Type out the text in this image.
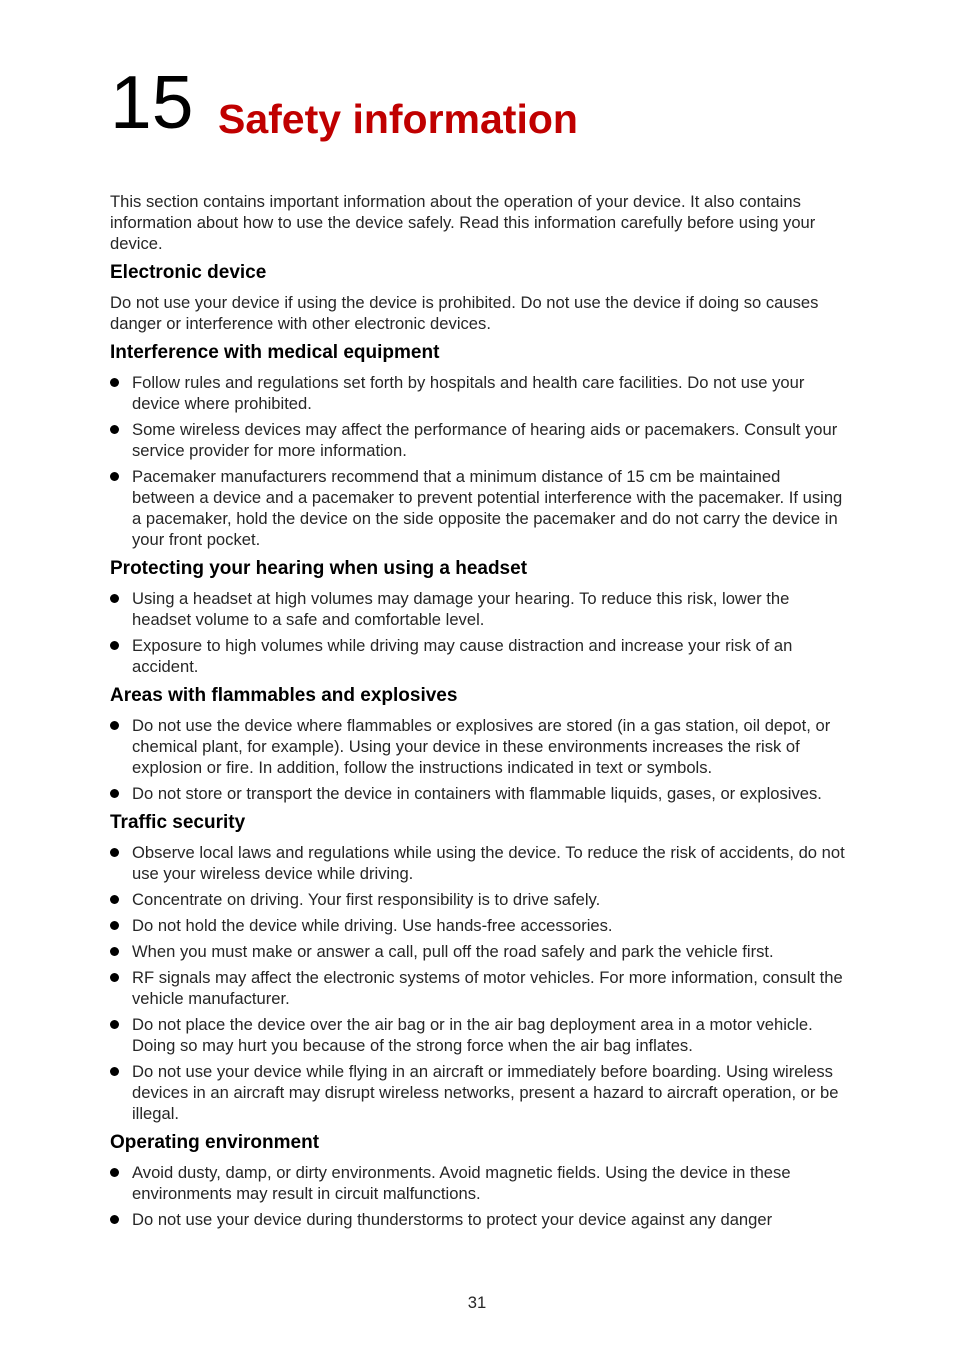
15 Safety information

This section contains important information about the operation of your device. It also contains information about how to use the device safely. Read this information carefully before using your device.

Electronic device

Do not use your device if using the device is prohibited. Do not use the device if doing so causes danger or interference with other electronic devices.

Interference with medical equipment
Follow rules and regulations set forth by hospitals and health care facilities. Do not use your device where prohibited.
Some wireless devices may affect the performance of hearing aids or pacemakers. Consult your service provider for more information.
Pacemaker manufacturers recommend that a minimum distance of 15 cm be maintained between a device and a pacemaker to prevent potential interference with the pacemaker. If using a pacemaker, hold the device on the side opposite the pacemaker and do not carry the device in your front pocket.
Protecting your hearing when using a headset
Using a headset at high volumes may damage your hearing. To reduce this risk, lower the headset volume to a safe and comfortable level.
Exposure to high volumes while driving may cause distraction and increase your risk of an accident.
Areas with flammables and explosives
Do not use the device where flammables or explosives are stored (in a gas station, oil depot, or chemical plant, for example). Using your device in these environments increases the risk of explosion or fire. In addition, follow the instructions indicated in text or symbols.
Do not store or transport the device in containers with flammable liquids, gases, or explosives.
Traffic security
Observe local laws and regulations while using the device. To reduce the risk of accidents, do not use your wireless device while driving.
Concentrate on driving. Your first responsibility is to drive safely.
Do not hold the device while driving. Use hands-free accessories.
When you must make or answer a call, pull off the road safely and park the vehicle first.
RF signals may affect the electronic systems of motor vehicles. For more information, consult the vehicle manufacturer.
Do not place the device over the air bag or in the air bag deployment area in a motor vehicle. Doing so may hurt you because of the strong force when the air bag inflates.
Do not use your device while flying in an aircraft or immediately before boarding. Using wireless devices in an aircraft may disrupt wireless networks, present a hazard to aircraft operation, or be illegal.
Operating environment
Avoid dusty, damp, or dirty environments. Avoid magnetic fields. Using the device in these environments may result in circuit malfunctions.
Do not use your device during thunderstorms to protect your device against any danger
31
